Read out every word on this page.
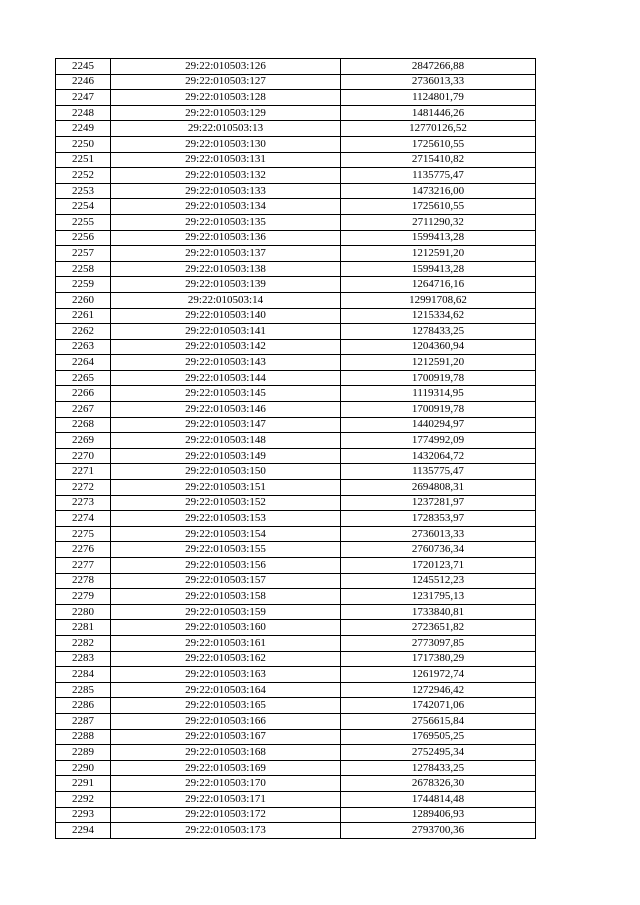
2245	29:22:010503:126	2847266,88
2246	29:22:010503:127	2736013,33
2247	29:22:010503:128	1124801,79
2248	29:22:010503:129	1481446,26
2249	29:22:010503:13	12770126,52
2250	29:22:010503:130	1725610,55
2251	29:22:010503:131	2715410,82
2252	29:22:010503:132	1135775,47
2253	29:22:010503:133	1473216,00
2254	29:22:010503:134	1725610,55
2255	29:22:010503:135	2711290,32
2256	29:22:010503:136	1599413,28
2257	29:22:010503:137	1212591,20
2258	29:22:010503:138	1599413,28
2259	29:22:010503:139	1264716,16
2260	29:22:010503:14	12991708,62
2261	29:22:010503:140	1215334,62
2262	29:22:010503:141	1278433,25
2263	29:22:010503:142	1204360,94
2264	29:22:010503:143	1212591,20
2265	29:22:010503:144	1700919,78
2266	29:22:010503:145	1119314,95
2267	29:22:010503:146	1700919,78
2268	29:22:010503:147	1440294,97
2269	29:22:010503:148	1774992,09
2270	29:22:010503:149	1432064,72
2271	29:22:010503:150	1135775,47
2272	29:22:010503:151	2694808,31
2273	29:22:010503:152	1237281,97
2274	29:22:010503:153	1728353,97
2275	29:22:010503:154	2736013,33
2276	29:22:010503:155	2760736,34
2277	29:22:010503:156	1720123,71
2278	29:22:010503:157	1245512,23
2279	29:22:010503:158	1231795,13
2280	29:22:010503:159	1733840,81
2281	29:22:010503:160	2723651,82
2282	29:22:010503:161	2773097,85
2283	29:22:010503:162	1717380,29
2284	29:22:010503:163	1261972,74
2285	29:22:010503:164	1272946,42
2286	29:22:010503:165	1742071,06
2287	29:22:010503:166	2756615,84
2288	29:22:010503:167	1769505,25
2289	29:22:010503:168	2752495,34
2290	29:22:010503:169	1278433,25
2291	29:22:010503:170	2678326,30
2292	29:22:010503:171	1744814,48
2293	29:22:010503:172	1289406,93
2294	29:22:010503:173	2793700,36
